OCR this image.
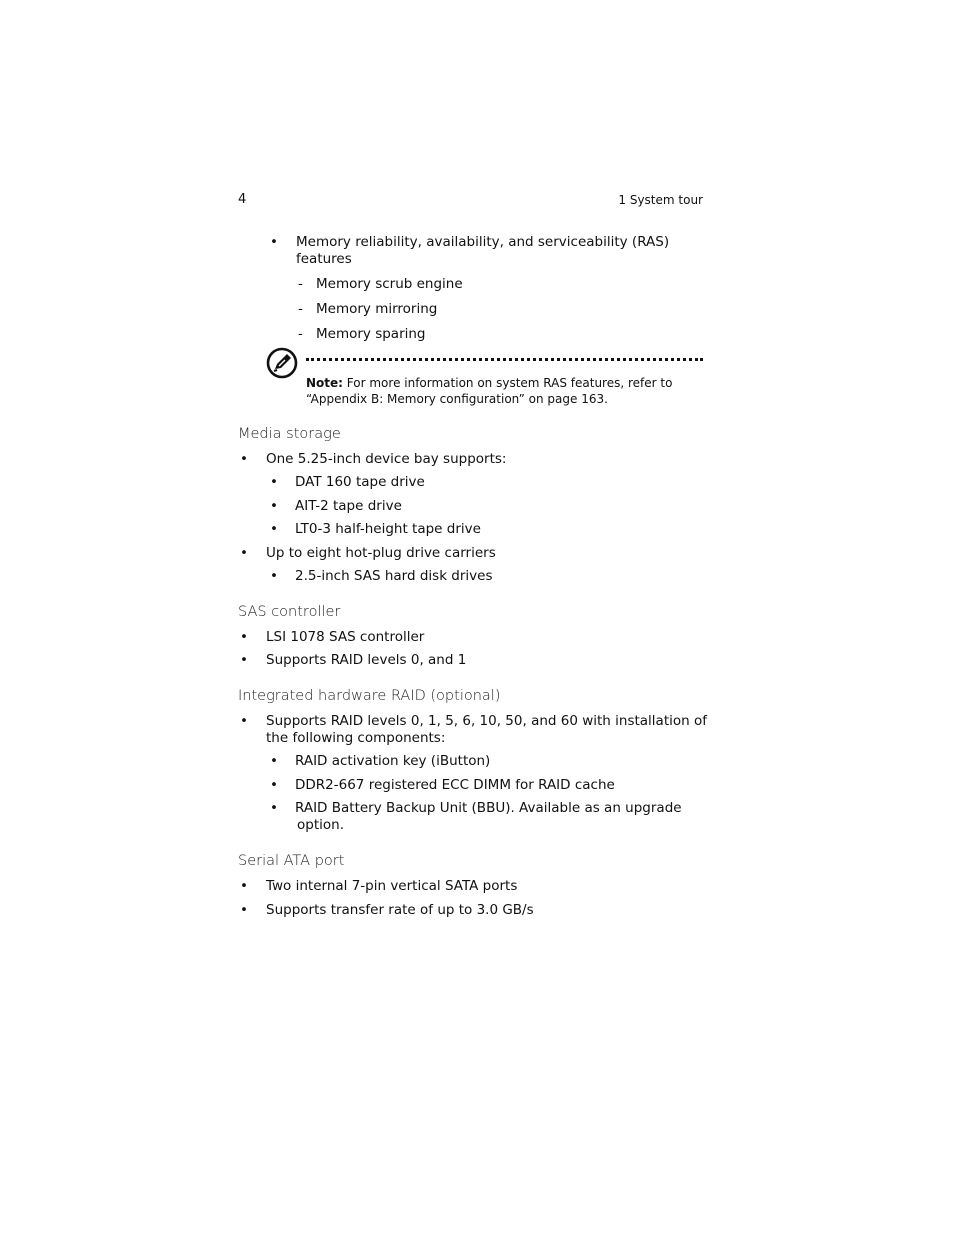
4	1 System tour
• Memory reliability, availability, and serviceability (RAS)
features
- Memory scrub engine
- Memory mirroring
- Memory sparing
Note: For more information on system RAS features, refer to
“Appendix B: Memory configuration” on page 163.
Media storage
• One 5.25-inch device bay supports:
• DAT 160 tape drive
• AIT-2 tape drive
• LT0-3 half-height tape drive
• Up to eight hot-plug drive carriers
• 2.5-inch SAS hard disk drives
SAS controller
• LSI 1078 SAS controller
• Supports RAID levels 0, and 1
Integrated hardware RAID (optional)
• Supports RAID levels 0, 1, 5, 6, 10, 50, and 60 with installation of
the following components:
• RAID activation key (iButton)
• DDR2-667 registered ECC DIMM for RAID cache
• RAID Battery Backup Unit (BBU). Available as an upgrade
option.
Serial ATA port
• Two internal 7-pin vertical SATA ports
• Supports transfer rate of up to 3.0 GB/s
